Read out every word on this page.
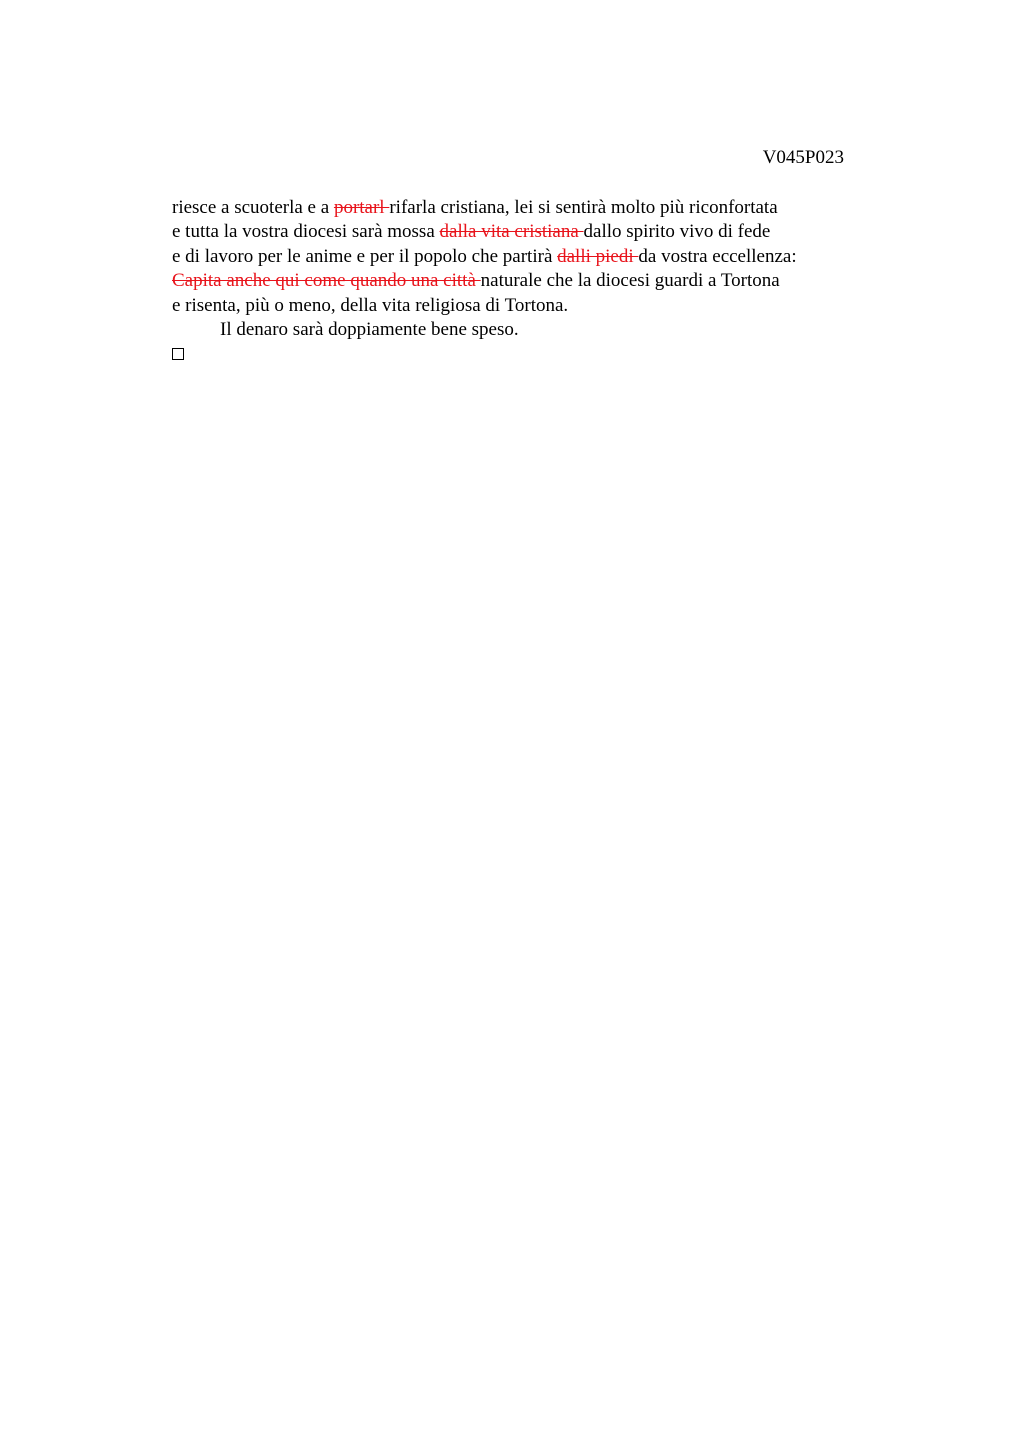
V045P023
riesce a scuoterla e a portarl rifarla cristiana, lei si sentirà molto più riconfortata
e tutta la vostra diocesi sarà mossa dalla vita cristiana dallo spirito vivo di fede
e di lavoro per le anime e per il popolo che partirà dalli piedi da vostra eccellenza:
Capita anche qui come quando una città naturale che la diocesi guardi a Tortona
e risenta, più o meno, della vita religiosa di Tortona.
Il denaro sarà doppiamente bene speso.
